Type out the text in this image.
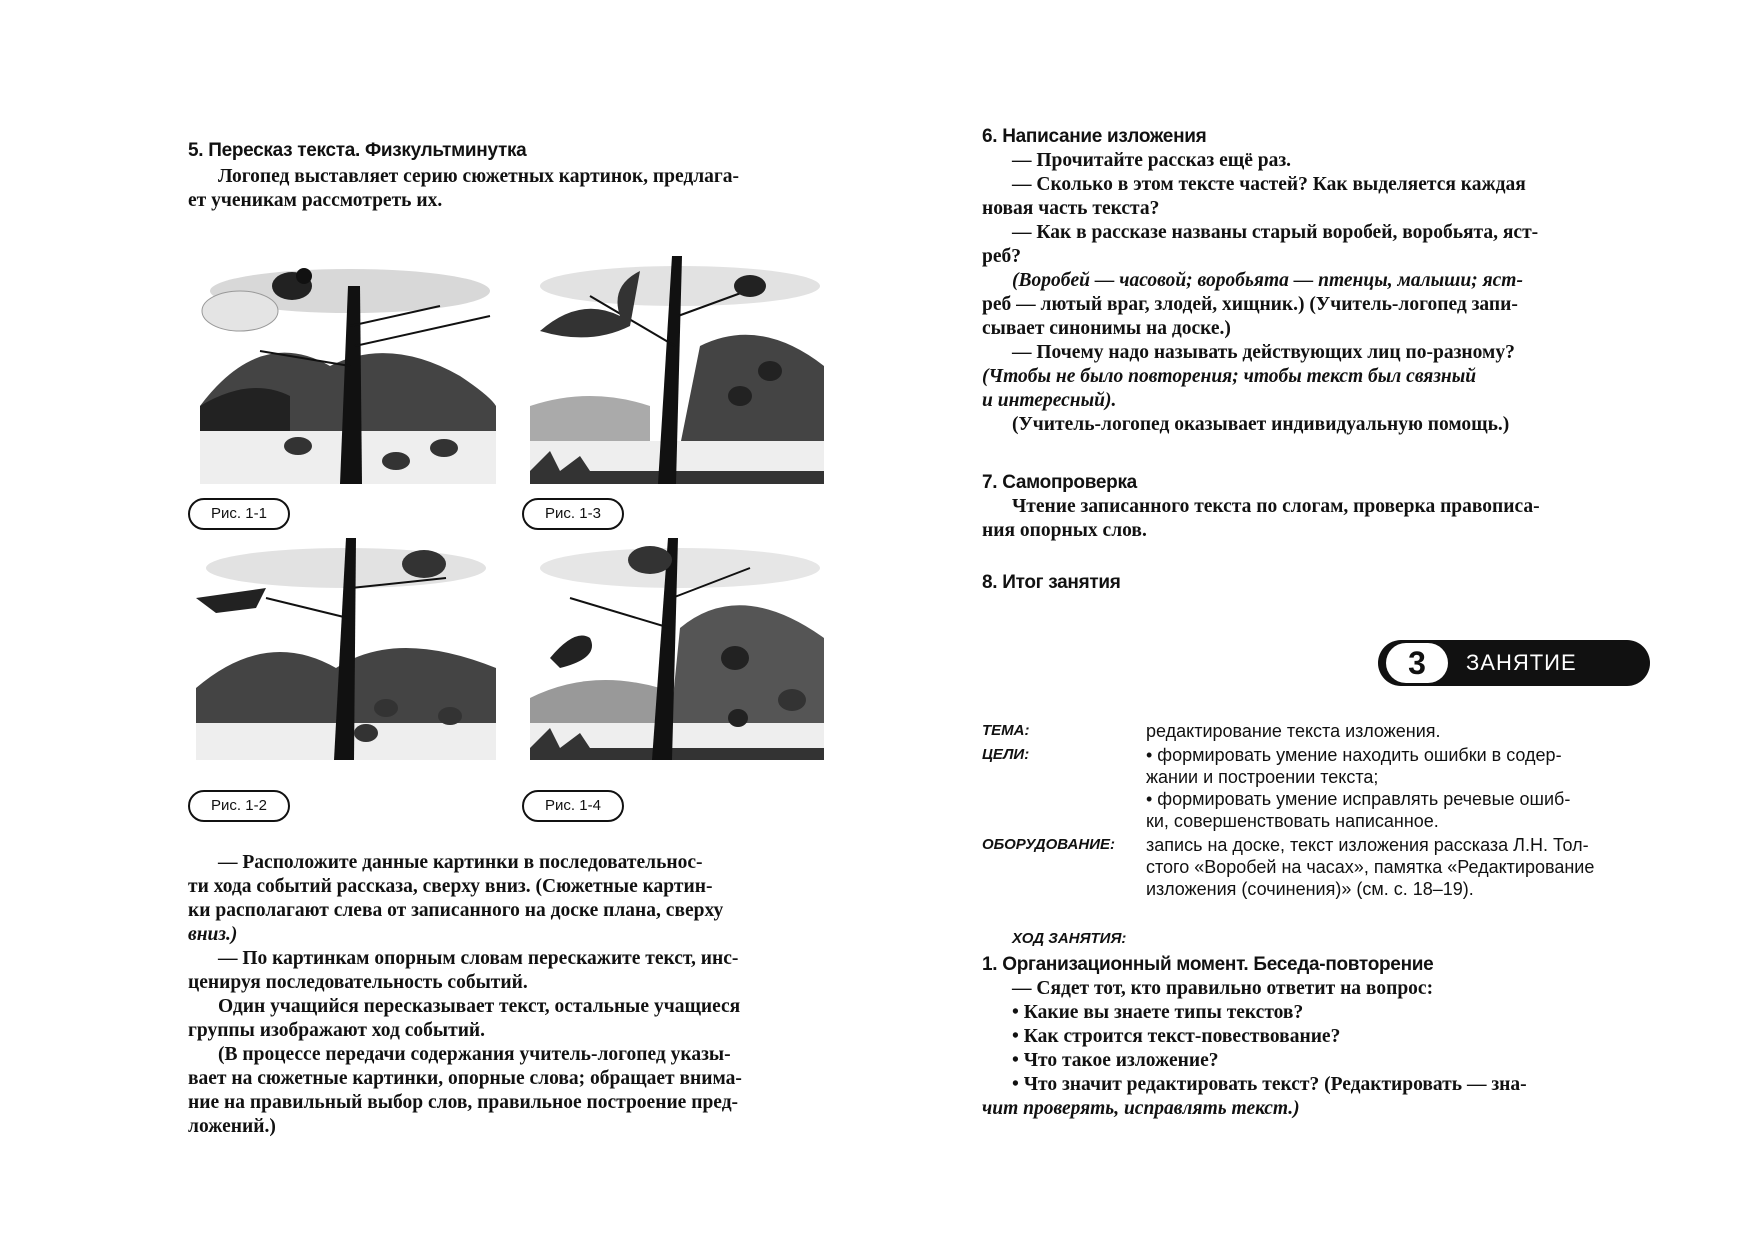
5. Пересказ текста. Физкультминутка
Логопед выставляет серию сюжетных картинок, предлага-
ет ученикам рассмотреть их.
Рис. 1-1	Рис. 1-3
Рис. 1-2	Рис. 1-4
— Расположите данные картинки в последовательнос-
ти хода событий рассказа, сверху вниз. (Сюжетные картин-
ки располагают слева от записанного на доске плана, сверху
вниз.)
— По картинкам опорным словам перескажите текст, инс-
ценируя последовательность событий.
Один учащийся пересказывает текст, остальные учащиеся
группы изображают ход событий.
(В процессе передачи содержания учитель-логопед указы-
вает на сюжетные картинки, опорные слова; обращает внима-
ние на правильный выбор слов, правильное построение пред-
ложений.)
6. Написание изложения
— Прочитайте рассказ ещё раз.
— Сколько в этом тексте частей? Как выделяется каждая
новая часть текста?
— Как в рассказе названы старый воробей, воробьята, яст-
реб?
(Воробей — часовой; воробьята — птенцы, малыши; яст-
реб — лютый враг, злодей, хищник.) (Учитель-логопед запи-
сывает синонимы на доске.)
— Почему надо называть действующих лиц по-разному?
(Чтобы не было повторения; чтобы текст был связный
и интересный).
(Учитель-логопед оказывает индивидуальную помощь.)
7. Самопроверка
Чтение записанного текста по слогам, проверка правописа-
ния опорных слов.
8. Итог занятия
3	ЗАНЯТИЕ
ТЕМА:	редактирование текста изложения.
ЦЕЛИ:	• формировать умение находить ошибки в содер-
жании и построении текста;
• формировать умение исправлять речевые ошиб-
ки, совершенствовать написанное.
ОБОРУДОВАНИЕ: запись на доске, текст изложения рассказа Л.Н. Тол-
стого «Воробей на часах», памятка «Редактирование
изложения (сочинения)» (см. с. 18–19).
ХОД ЗАНЯТИЯ:
1. Организационный момент. Беседа-повторение
— Сядет тот, кто правильно ответит на вопрос:
• Какие вы знаете типы текстов?
• Как строится текст-повествование?
• Что такое изложение?
• Что значит редактировать текст? (Редактировать — зна-
чит проверять, исправлять текст.)
